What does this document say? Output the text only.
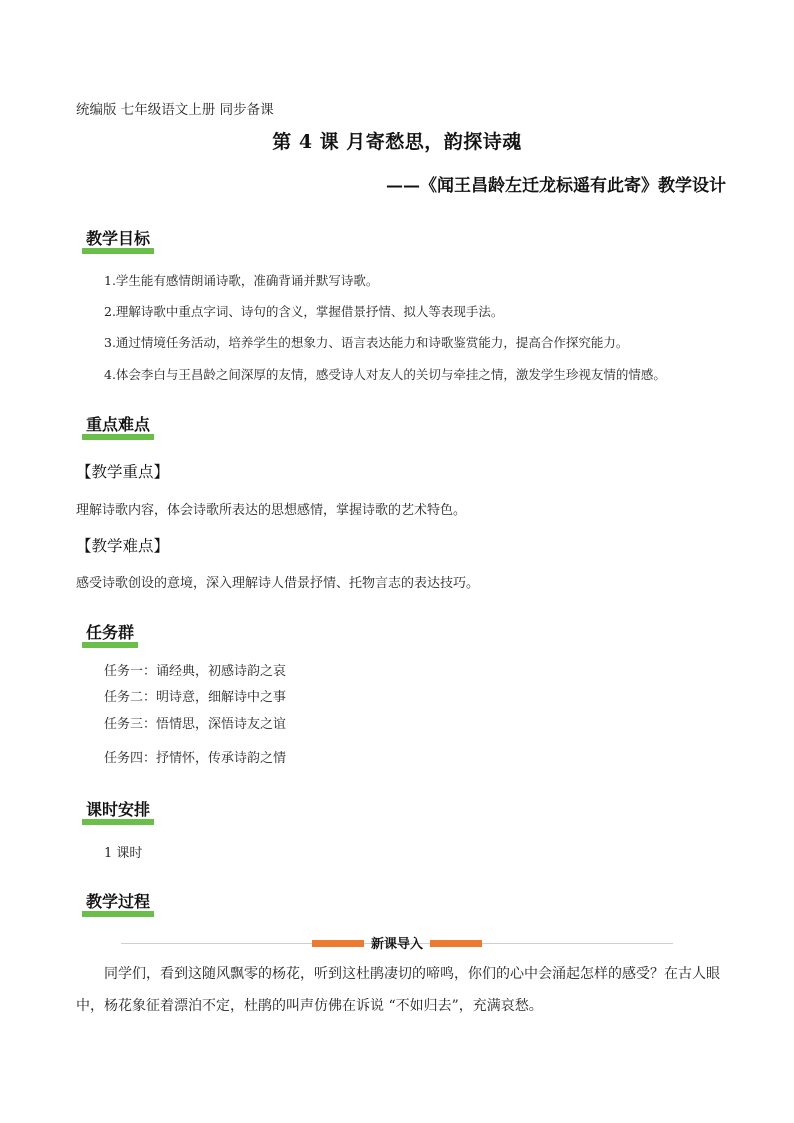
统编版 七年级语文上册 同步备课
第 4 课 月寄愁思，韵探诗魂
——《闻王昌龄左迁龙标遥有此寄》教学设计
教学目标
1.学生能有感情朗诵诗歌，准确背诵并默写诗歌。
2.理解诗歌中重点字词、诗句的含义，掌握借景抒情、拟人等表现手法。
3.通过情境任务活动，培养学生的想象力、语言表达能力和诗歌鉴赏能力，提高合作探究能力。
4.体会李白与王昌龄之间深厚的友情，感受诗人对友人的关切与牵挂之情，激发学生珍视友情的情感。
重点难点
【教学重点】
理解诗歌内容，体会诗歌所表达的思想感情，掌握诗歌的艺术特色。
【教学难点】
感受诗歌创设的意境，深入理解诗人借景抒情、托物言志的表达技巧。
任务群
任务一：诵经典，初感诗韵之哀
任务二：明诗意，细解诗中之事
任务三：悟情思，深悟诗友之谊
任务四：抒情怀，传承诗韵之情
课时安排
1 课时
教学过程
新课导入
同学们，看到这随风飘零的杨花，听到这杜鹃凄切的啼鸣，你们的心中会涌起怎样的感受？在古人眼中，杨花象征着漂泊不定，杜鹃的叫声仿佛在诉说 “不如归去”，充满哀愁。
